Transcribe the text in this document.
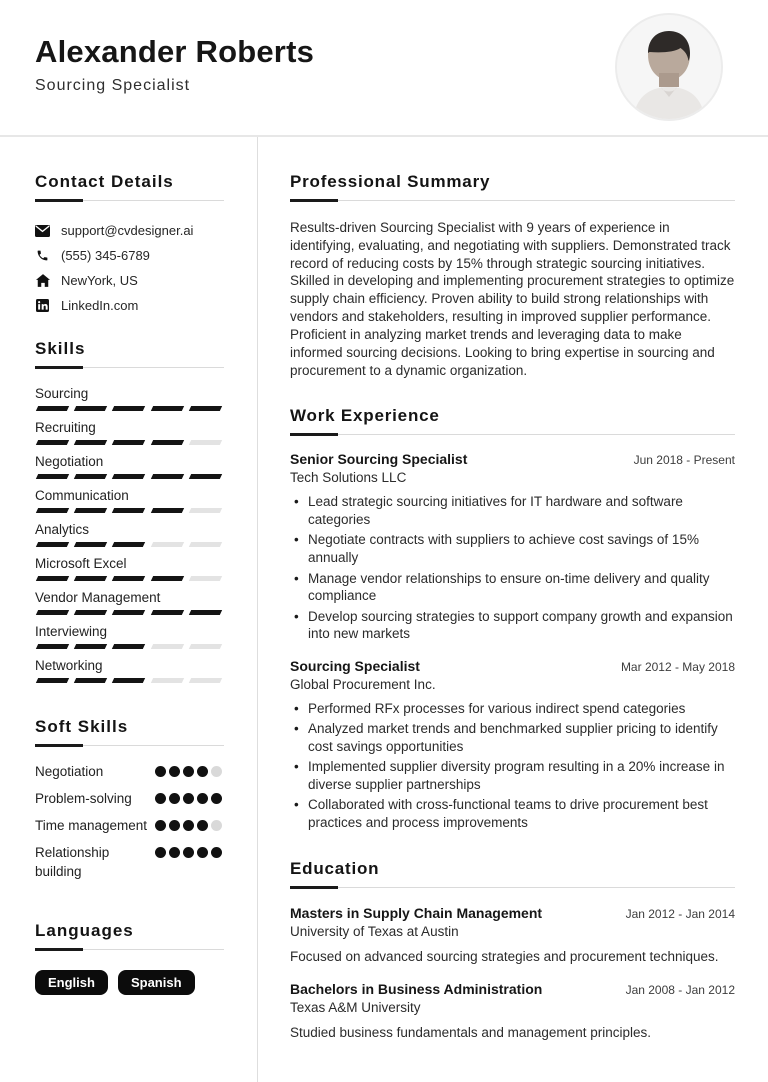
Alexander Roberts
Sourcing Specialist
Contact Details
support@cvdesigner.ai
(555) 345-6789
NewYork, US
LinkedIn.com
Skills
Sourcing
Recruiting
Negotiation
Communication
Analytics
Microsoft Excel
Vendor Management
Interviewing
Networking
Soft Skills
Negotiation
Problem-solving
Time management
Relationship building
Languages
English	Spanish
Professional Summary
Results-driven Sourcing Specialist with 9 years of experience in identifying, evaluating, and negotiating with suppliers. Demonstrated track record of reducing costs by 15% through strategic sourcing initiatives. Skilled in developing and implementing procurement strategies to optimize supply chain efficiency. Proven ability to build strong relationships with vendors and stakeholders, resulting in improved supplier performance. Proficient in analyzing market trends and leveraging data to make informed sourcing decisions. Looking to bring expertise in sourcing and procurement to a dynamic organization.
Work Experience
Senior Sourcing Specialist	Jun 2018 - Present
Tech Solutions LLC
• Lead strategic sourcing initiatives for IT hardware and software categories
• Negotiate contracts with suppliers to achieve cost savings of 15% annually
• Manage vendor relationships to ensure on-time delivery and quality compliance
• Develop sourcing strategies to support company growth and expansion into new markets
Sourcing Specialist	Mar 2012 - May 2018
Global Procurement Inc.
• Performed RFx processes for various indirect spend categories
• Analyzed market trends and benchmarked supplier pricing to identify cost savings opportunities
• Implemented supplier diversity program resulting in a 20% increase in diverse supplier partnerships
• Collaborated with cross-functional teams to drive procurement best practices and process improvements
Education
Masters in Supply Chain Management	Jan 2012 - Jan 2014
University of Texas at Austin
Focused on advanced sourcing strategies and procurement techniques.
Bachelors in Business Administration	Jan 2008 - Jan 2012
Texas A&M University
Studied business fundamentals and management principles.
